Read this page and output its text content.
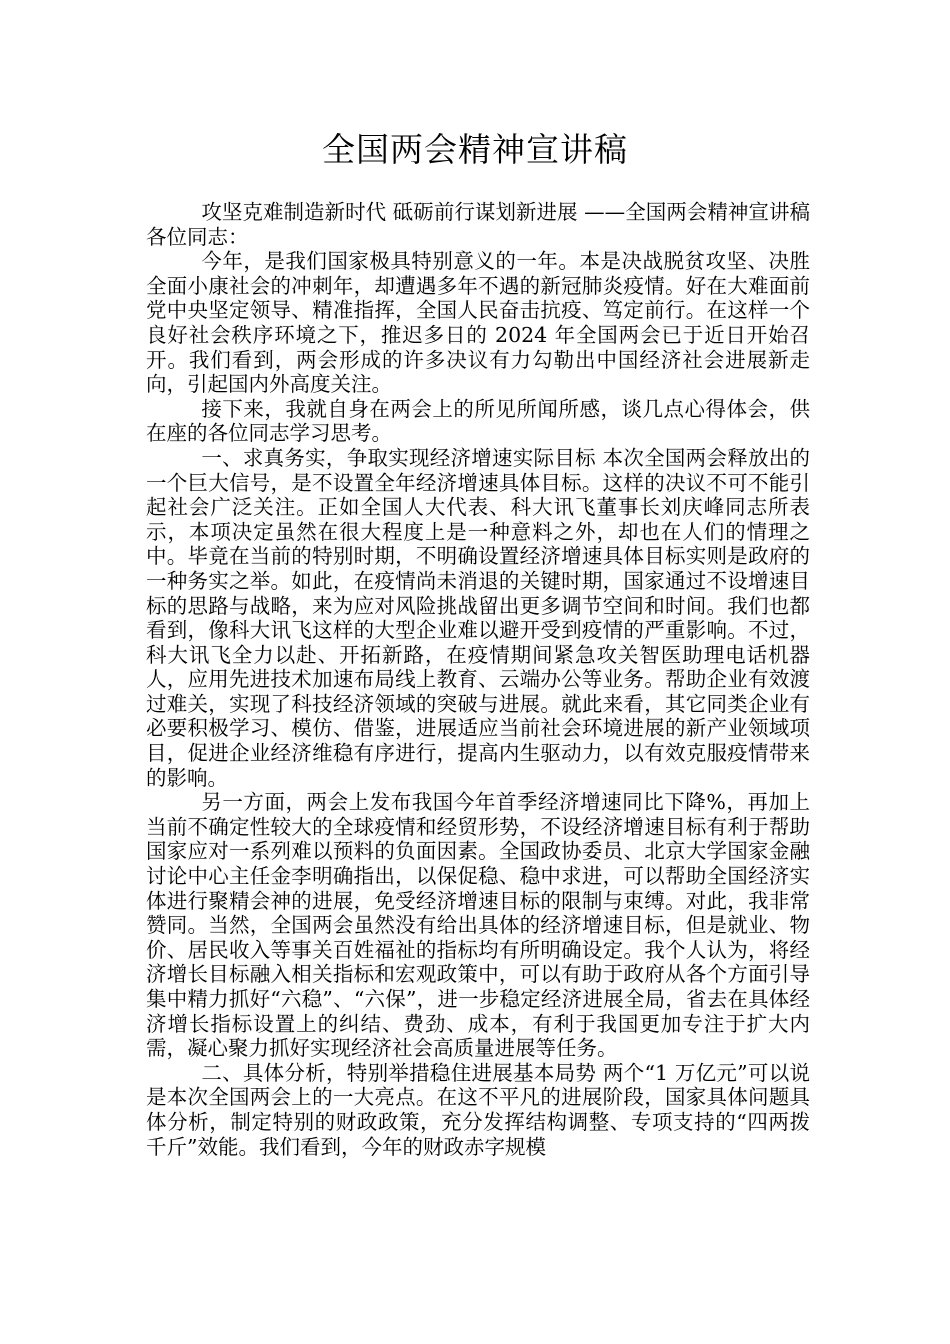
全国两会精神宣讲稿

攻坚克难制造新时代 砥砺前行谋划新进展 ——全国两会精神宣讲稿 各位同志：

今年，是我们国家极具特别意义的一年。本是决战脱贫攻坚、决胜全面小康社会的冲刺年，却遭遇多年不遇的新冠肺炎疫情。好在大难面前党中央坚定领导、精准指挥，全国人民奋击抗疫、笃定前行。在这样一个良好社会秩序环境之下，推迟多日的 2024 年全国两会已于近日开始召开。我们看到，两会形成的许多决议有力勾勒出中国经济社会进展新走向，引起国内外高度关注。

接下来，我就自身在两会上的所见所闻所感，谈几点心得体会，供在座的各位同志学习思考。

一、求真务实，争取实现经济增速实际目标 本次全国两会释放出的一个巨大信号，是不设置全年经济增速具体目标。这样的决议不可不能引起社会广泛关注。正如全国人大代表、科大讯飞董事长刘庆峰同志所表示，本项决定虽然在很大程度上是一种意料之外，却也在人们的情理之中。毕竟在当前的特别时期，不明确设置经济增速具体目标实则是政府的一种务实之举。如此，在疫情尚未消退的关键时期，国家通过不设增速目标的思路与战略，来为应对风险挑战留出更多调节空间和时间。我们也都看到，像科大讯飞这样的大型企业难以避开受到疫情的严重影响。不过，科大讯飞全力以赴、开拓新路，在疫情期间紧急攻关智医助理电话机器人，应用先进技术加速布局线上教育、云端办公等业务。帮助企业有效渡过难关，实现了科技经济领域的突破与进展。就此来看，其它同类企业有必要积极学习、模仿、借鉴，进展适应当前社会环境进展的新产业领域项目，促进企业经济维稳有序进行，提高内生驱动力，以有效克服疫情带来的影响。

另一方面，两会上发布我国今年首季经济增速同比下降%，再加上当前不确定性较大的全球疫情和经贸形势，不设经济增速目标有利于帮助国家应对一系列难以预料的负面因素。全国政协委员、北京大学国家金融讨论中心主任金李明确指出，以保促稳、稳中求进，可以帮助全国经济实体进行聚精会神的进展，免受经济增速目标的限制与束缚。对此，我非常赞同。当然，全国两会虽然没有给出具体的经济增速目标，但是就业、物价、居民收入等事关百姓福祉的指标均有所明确设定。我个人认为，将经济增长目标融入相关指标和宏观政策中，可以有助于政府从各个方面引导集中精力抓好“六稳”、“六保”，进一步稳定经济进展全局，省去在具体经济增长指标设置上的纠结、费劲、成本，有利于我国更加专注于扩大内需，凝心聚力抓好实现经济社会高质量进展等任务。

二、具体分析，特别举措稳住进展基本局势 两个“1 万亿元”可以说是本次全国两会上的一大亮点。在这不平凡的进展阶段，国家具体问题具体分析，制定特别的财政政策，充分发挥结构调整、专项支持的“四两拨千斤”效能。我们看到，今年的财政赤字规模
